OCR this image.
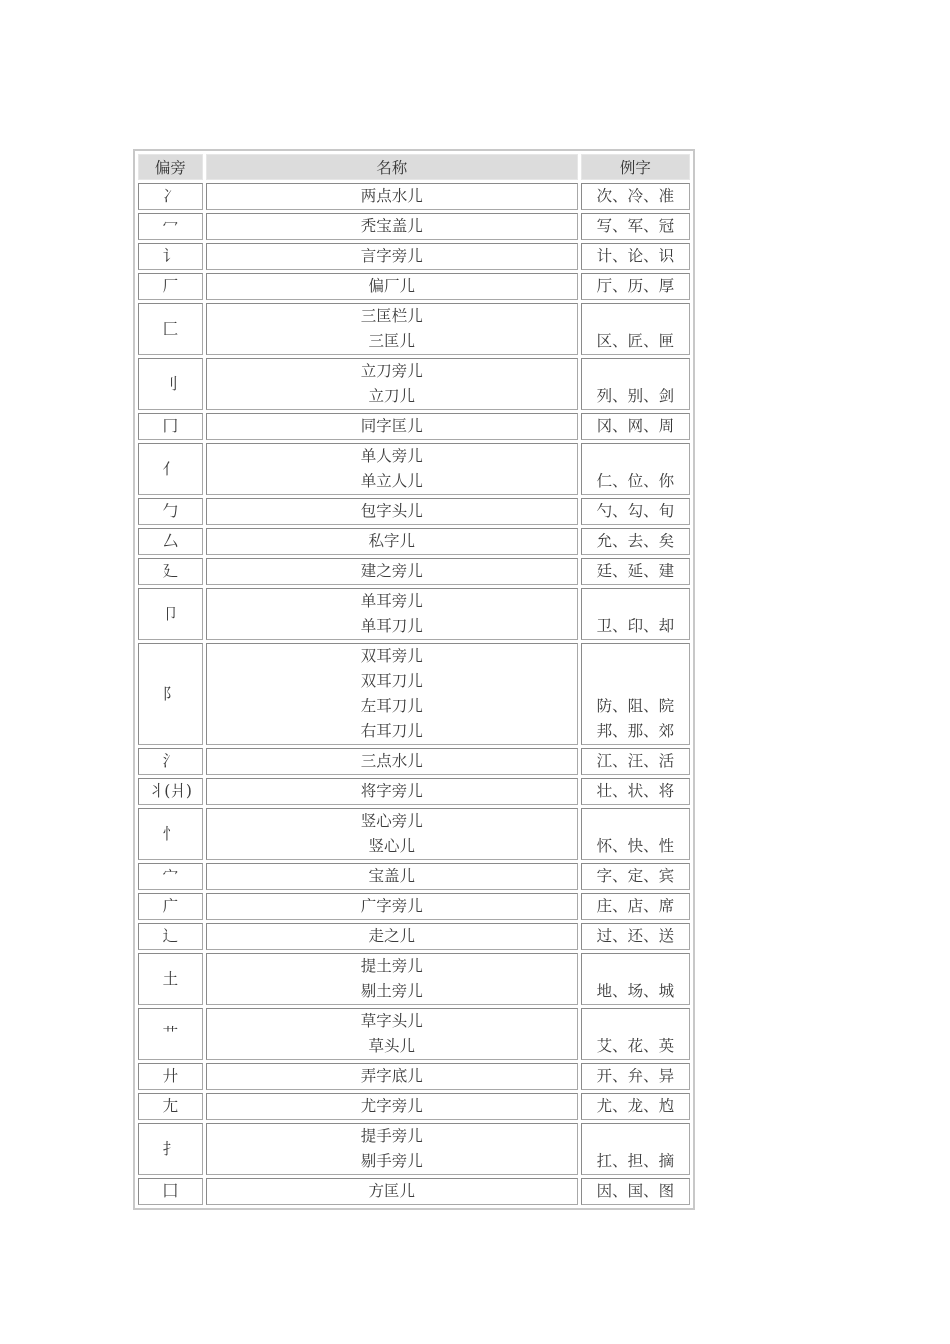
偏旁	名称	例字
冫	两点水儿	次、冷、准

冖	秃宝盖儿	写、军、冠

讠	言字旁儿	计、论、识

厂	偏厂儿	厅、历、厚

匚	三匡栏儿
三匡儿	区、匠、匣

刂	立刀旁儿
立刀儿	列、别、剑

冂	同字匡儿	冈、网、周

亻	单人旁儿
单立人儿	仁、位、你

勹	包字头儿	勺、勾、旬

厶	私字儿	允、去、矣

廴	建之旁儿	廷、延、建

卩	单耳旁儿
单耳刀儿	卫、印、却

阝	双耳旁儿
双耳刀儿
左耳刀儿
右耳刀儿	防、阻、院
邦、那、郊

氵	三点水儿	江、汪、活

丬(爿)	将字旁儿	壮、状、将

忄	竖心旁儿
竖心儿	怀、快、性

宀	宝盖儿	字、定、宾

广	广字旁儿	庄、店、席

辶	走之儿	过、还、送

土	提土旁儿
剔土旁儿	地、场、城

艹	草字头儿
草头儿	艾、花、英

廾	弄字底儿	开、弁、异

尢	尤字旁儿	尤、龙、尥

扌	提手旁儿
剔手旁儿	扛、担、摘

囗	方匡儿	因、国、图
